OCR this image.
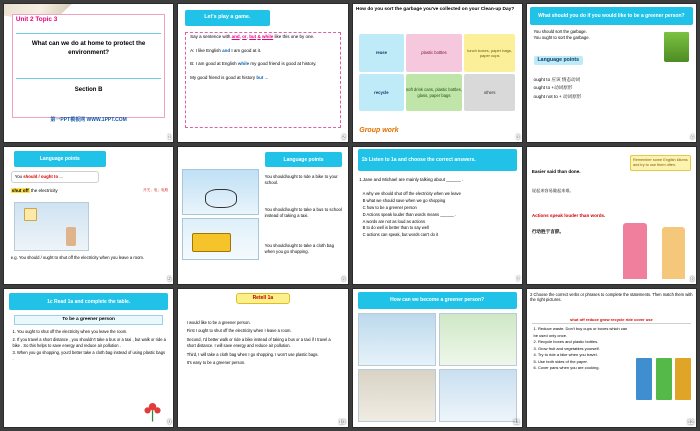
Unit 2 Topic 3
What can we do at home to protect the environment?
Section B
第一PPT模板网 WWW.1PPT.COM
1
Let's play a game.
Say a sentence with and, or, but & while like this one by one.

A: I like English and I am good at it.

B: I am good at English while my good friend is good at history.

My good friend is good at history but ...
2
How do you sort the garbage you've collected on your Clean-up Day?
reuse	plastic bottles	lunch boxes, paper bags, paper cups
recycle
soft drink cans, plastic bottles, glass, paper bags
others
Group work
3
What should you do if you would like to be a greener person?
You should sort the garbage.
You ought to sort the garbage.
Language points
ought to 应该 情态动词
ought to +动词原形
ought not to + 动词原形
4
Language points
You should / ought to ...
开关；电；电路
shut off the electricity
e.g. You should / ought to shut off the electricity when you leave a room.
5
Language points
You should/ought to ride a bike to your school.
You should/ought to take a bus to school instead of taking a taxi.
You should/ought to take a cloth bag when you go shopping.
6
1b Listen to 1a and choose the correct answers.
1.Jane and Michael are mainly talking about ______ .
A why we should shut off the electricity when we leave
B what we should save when we go shopping
C how to be a greener person
D Actions speak louder than words means ______ .
A words are not as loud as actions
B to do well is better than to say well
C actions can speak, but words can't do it
7
Remember some English idioms and try to use them often.
Easier said than done.
说起来容易做起来难。
Actions speak louder than words.
行动胜于言辞。
8
1c Read 1a and complete the table.
To be a greener person
1. You ought to shut off the electricity when you leave the room.
2. If you travel a short distance , you shouldn't take a bus or a taxi , but walk or ride a bike . So this helps to save energy and reduce air pollution .
3. When you go shopping, you'd better take a cloth bag instead of using plastic bags .
9
Retell 1a

I would like to be a greener person.

First I ought to shut off the electricity when I leave a room.

Second, I'd better walk or ride a bike instead of taking a bus or a taxi if I travel a short distance. I will save energy and reduce air pollution.

Third, I will take a cloth bag when I go shopping. I won't use plastic bags.

It's easy to be a greener person.

10
How can we become a greener person?
11
2 Choose the correct verbs or phrases to complete the statements. Then match them with the right pictures.
shut off reduce grow recycle ride cover use
1. Reduce waste. Don't buy cups or boxes which can be used only once.
2. Recycle boxes and plastic bottles.
3. Grow fruit and vegetables yourself.
4. Try to ride a bike when you travel.
5. Use both sides of the paper.
6. Cover pans when you are cooking.
12
